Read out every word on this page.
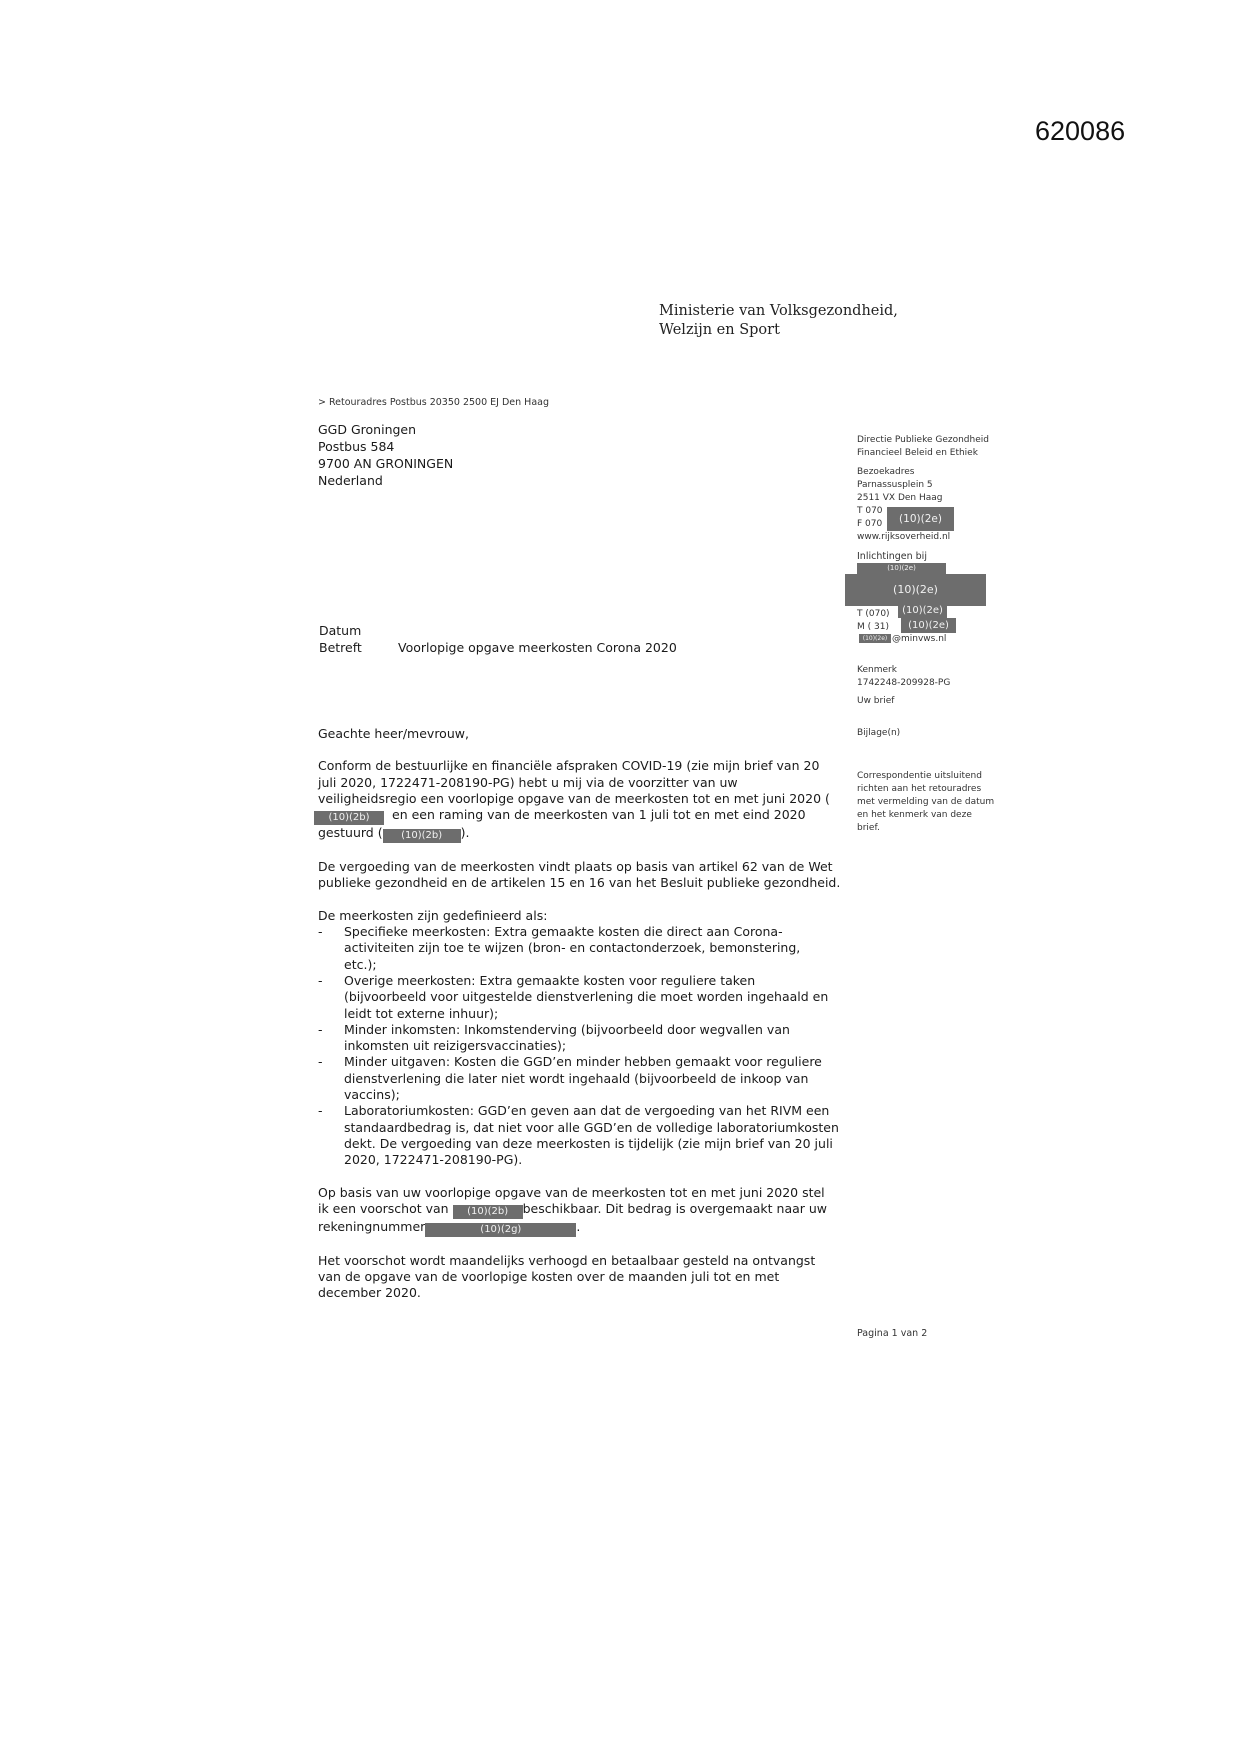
620086
Ministerie van Volksgezondheid,
Welzijn en Sport
> Retouradres Postbus 20350 2500 EJ Den Haag
GGD Groningen
Postbus 584
9700 AN GRONINGEN
Nederland
Directie Publieke Gezondheid
Financieel Beleid en Ethiek
Bezoekadres
Parnassusplein 5
2511 VX Den Haag
T 070
F 070
www.rijksoverheid.nl
(10)(2e)
Inlichtingen bij
(10)(2e)
(10)(2e)
T (070)	(10)(2e)
M ( 31)	(10)(2e)
(10)(2e) @minvws.nl
Kenmerk
1742248-209928-PG
Uw brief
Bijlage(n)
Correspondentie uitsluitend
richten aan het retouradres
met vermelding van de datum
en het kenmerk van deze
brief.
Datum
Betreft	Voorlopige opgave meerkosten Corona 2020

Geachte heer/mevrouw,

Conform de bestuurlijke en financiële afspraken COVID-19 (zie mijn brief van 20

juli 2020, 1722471-208190-PG) hebt u mij via de voorzitter van uw

veiligheidsregio een voorlopige opgave van de meerkosten tot en met juni 2020 (

(10)(2b) en een raming van de meerkosten van 1 juli tot en met eind 2020

gestuurd ( (10)(2b) ).

De vergoeding van de meerkosten vindt plaats op basis van artikel 62 van de Wet

publieke gezondheid en de artikelen 15 en 16 van het Besluit publieke gezondheid.

De meerkosten zijn gedefinieerd als:

- Specifieke meerkosten: Extra gemaakte kosten die direct aan Corona-
activiteiten zijn toe te wijzen (bron- en contactonderzoek, bemonstering,
etc.);
- Overige meerkosten: Extra gemaakte kosten voor reguliere taken
(bijvoorbeeld voor uitgestelde dienstverlening die moet worden ingehaald en
leidt tot externe inhuur);
- Minder inkomsten: Inkomstenderving (bijvoorbeeld door wegvallen van
inkomsten uit reizigersvaccinaties);
- Minder uitgaven: Kosten die GGD’en minder hebben gemaakt voor reguliere
dienstverlening die later niet wordt ingehaald (bijvoorbeeld de inkoop van
vaccins);
- Laboratoriumkosten: GGD’en geven aan dat de vergoeding van het RIVM een
standaardbedrag is, dat niet voor alle GGD’en de volledige laboratoriumkosten
dekt. De vergoeding van deze meerkosten is tijdelijk (zie mijn brief van 20 juli
2020, 1722471-208190-PG).

Op basis van uw voorlopige opgave van de meerkosten tot en met juni 2020 stel

ik een voorschot van (10)(2b) beschikbaar. Dit bedrag is overgemaakt naar uw

rekeningnummer	(10)(2g)	.

Het voorschot wordt maandelijks verhoogd en betaalbaar gesteld na ontvangst

van de opgave van de voorlopige kosten over de maanden juli tot en met

december 2020.

Pagina 1 van 2
